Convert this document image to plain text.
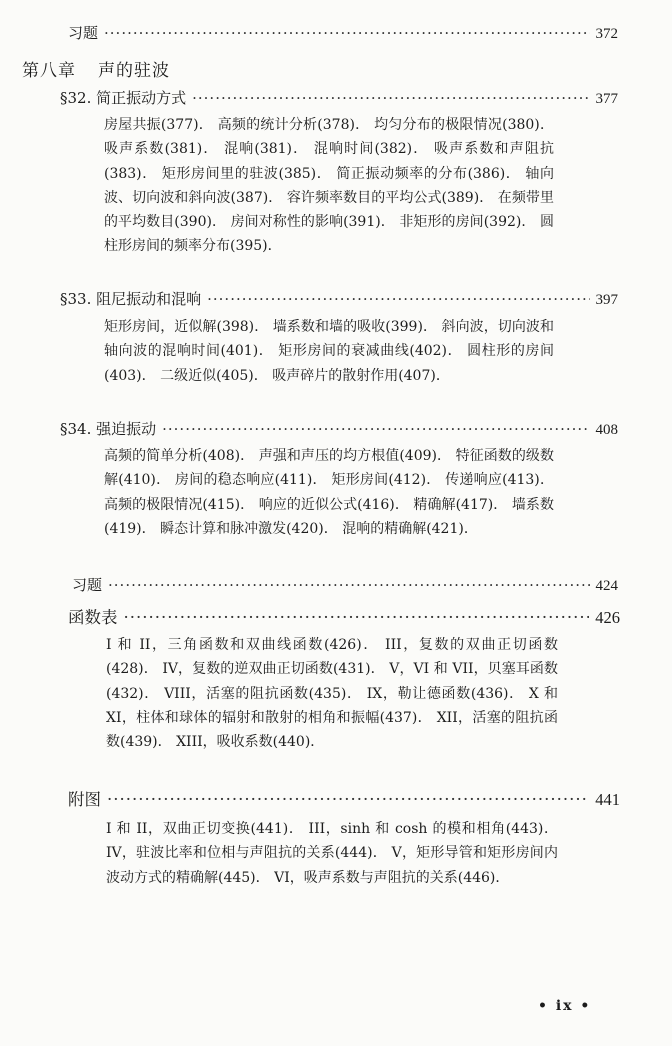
习题 ·····	372
第八章 声的驻波
§32. 简正振动方式 ·····	377
房屋共振(377)． 高频的统计分析(378)． 均匀分布的极限情况(380)． 吸声系数(381)． 混响(381)． 混响时间(382)． 吸声系数和声阻抗(383)． 矩形房间里的驻波(385)． 简正振动频率的分布(386)． 轴向波、切向波和斜向波(387)． 容许频率数目的平均公式(389)． 在频带里的平均数目(390)． 房间对称性的影响(391)． 非矩形的房间(392)． 圆柱形房间的频率分布(395)．
§33. 阻尼振动和混响 ·····	397
矩形房间，近似解(398)． 墙系数和墙的吸收(399)． 斜向波，切向波和轴向波的混响时间(401)． 矩形房间的衰减曲线(402)． 圆柱形的房间(403)． 二级近似(405)． 吸声碎片的散射作用(407)．
§34. 强迫振动 ·····	408
高频的简单分析(408)． 声强和声压的均方根值(409)． 特征函数的级数解(410)． 房间的稳态响应(411)． 矩形房间(412)． 传递响应(413)． 高频的极限情况(415)． 响应的近似公式(416)． 精确解(417)． 墙系数(419)． 瞬态计算和脉冲激发(420)． 混响的精确解(421)．
习题 ·····	424
函数表 ·····	426
I 和 II，三角函数和双曲线函数(426)． III，复数的双曲正切函数(428)． IV，复数的逆双曲正切函数(431)． V，VI 和 VII，贝塞耳函数(432)． VIII，活塞的阻抗函数(435)． IX，勒让德函数(436)． X 和 XI，柱体和球体的辐射和散射的相角和振幅(437)． XII，活塞的阻抗函数(439)． XIII，吸收系数(440)．
附图 ·····	441
I 和 II，双曲正切变换(441)． III，sinh 和 cosh 的模和相角(443)． IV，驻波比率和位相与声阻抗的关系(444)． V，矩形导管和矩形房间内波动方式的精确解(445)． VI，吸声系数与声阻抗的关系(446)．
• ix •
